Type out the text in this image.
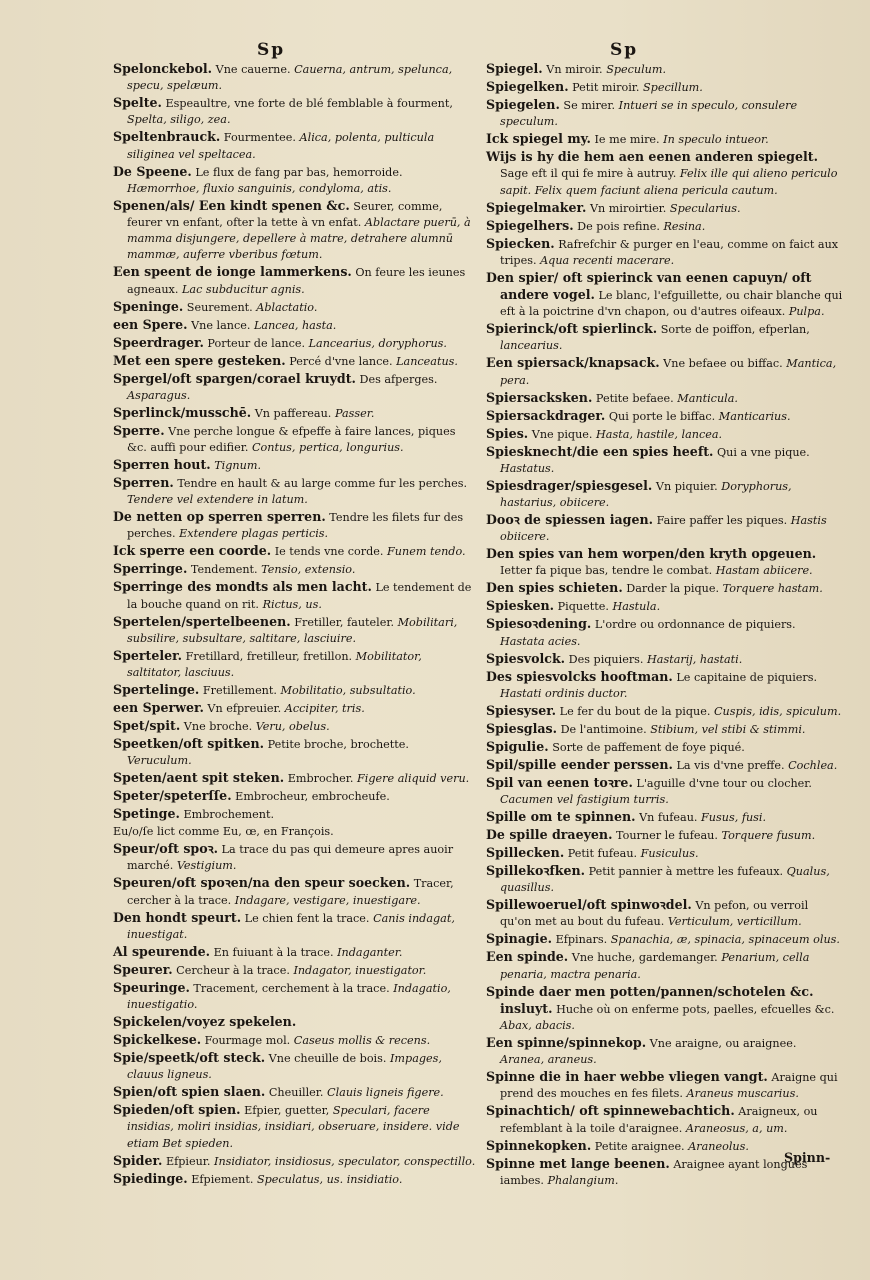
Sp	Sp

Spelonckebol. Vne cauerne. Cauerna, antrum, spelunca, specu, spelæum.

Spelte. Espeaultre, vne forte de blé femblable à fourment, Spelta, siligo, zea.

Speltenbrauck. Fourmentee. Alica, polenta, pulticula siliginea vel speltacea.

De Speene. Le flux de fang par bas, hemorroide. Hæmorrhoe, fluxio sanguinis, condyloma, atis.

Spenen/als/ Een kindt spenen &c. Seurer, comme, feurer vn enfant, ofter la tette à vn enfat. Ablactare puerū, à mamma disjungere, depellere à matre, detrahere alumnū mammæ, auferre vberibus fœtum.

Een speent de ionge lammerkens. On feure les ieunes agneaux. Lac subducitur agnis.

Speninge. Seurement. Ablactatio.

een Spere. Vne lance. Lancea, hasta.

Speerdrager. Porteur de lance. Lancearius, doryphorus.

Met een spere gesteken. Percé d'vne lance. Lanceatus.

Spergel/oft spargen/corael kruydt. Des afperges. Asparagus.

Sperlinck/musschē. Vn paffereau. Passer.

Sperre. Vne perche longue & efpeffe à faire lances, piques &c. auffi pour edifier. Contus, pertica, longurius.

Sperren hout. Tignum.

Sperren. Tendre en hault & au large comme fur les perches. Tendere vel extendere in latum.

De netten op sperren sperren. Tendre les filets fur des perches. Extendere plagas perticis.

Ick sperre een coorde. Ie tends vne corde. Funem tendo.

Sperringe. Tendement. Tensio, extensio.

Sperringe des mondts als men lacht. Le tendement de la bouche quand on rit. Rictus, us.

Spertelen/spertelbeenen. Fretiller, fauteler. Mobilitari, subsilire, subsultare, saltitare, lasciuire.

Sperteler. Fretillard, fretilleur, fretillon. Mobilitator, saltitator, lasciuus.

Spertelinge. Fretillement. Mobilitatio, subsultatio.

een Sperwer. Vn efpreuier. Accipiter, tris.

Spet/spit. Vne broche. Veru, obelus.

Speetken/oft spitken. Petite broche, brochette. Veruculum.

Speten/aent spit steken. Embrocher. Figere aliquid veru.

Speter/speterſſe. Embrocheur, embrocheufe.

Spetinge. Embrochement.

Eu/o/ſe lict comme Eu, œ, en François.

Speur/oft spoꝛ. La trace du pas qui demeure apres auoir marché. Vestigium.

Speuren/oft spoꝛen/na den speur soecken. Tracer, cercher à la trace. Indagare, vestigare, inuestigare.

Den hondt speurt. Le chien fent la trace. Canis indagat, inuestigat.

Al speurende. En fuiuant à la trace. Indaganter.

Speurer. Cercheur à la trace. Indagator, inuestigator.

Speuringe. Tracement, cerchement à la trace. Indagatio, inuestigatio.

Spickelen/voyez spekelen.

Spickelkese. Fourmage mol. Caseus mollis & recens.

Spie/speetk/oft steck. Vne cheuille de bois. Impages, clauus ligneus.

Spien/oft spien slaen. Cheuiller. Clauis ligneis figere.

Spieden/oft spien. Efpier, guetter, Speculari, facere insidias, moliri insidias, insidiari, obseruare, insidere. vide etiam Bet spieden.

Spider. Efpieur. Insidiator, insidiosus, speculator, conspectillo.

Spiedinge. Efpiement. Speculatus, us. insidiatio.

Spiegel. Vn miroir. Speculum.

Spiegelken. Petit miroir. Specillum.

Spiegelen. Se mirer. Intueri se in speculo, consulere speculum.

Ick spiegel my. Ie me mire. In speculo intueor.

Wijs is hy die hem aen eenen anderen spiegelt. Sage eft il qui fe mire à autruy. Felix ille qui alieno periculo sapit. Felix quem faciunt aliena pericula cautum.

Spiegelmaker. Vn miroirtier. Specularius.

Spiegelhers. De pois refine. Resina.

Spiecken. Rafrefchir & purger en l'eau, comme on faict aux tripes. Aqua recenti macerare.

Den spier/ oft spierinck van eenen capuyn/ oft andere vogel. Le blanc, l'efguillette, ou chair blanche qui eft à la poictrine d'vn chapon, ou d'autres oifeaux. Pulpa.

Spierinck/oft spierlinck. Sorte de poiffon, efperlan, lancearius.

Een spiersack/knapsack. Vne befaee ou biffac. Mantica, pera.

Spiersacksken. Petite befaee. Manticula.

Spiersackdrager. Qui porte le biffac. Manticarius.

Spies. Vne pique. Hasta, hastile, lancea.

Spiesknecht/die een spies heeft. Qui a vne pique. Hastatus.

Spiesdrager/spiesgesel. Vn piquier. Doryphorus, hastarius, obiicere.

Dooꝛ de spiessen iagen. Faire paffer les piques. Hastis obiicere.

Den spies van hem worpen/den kryth opgeuen. Ietter fa pique bas, tendre le combat. Hastam abiicere.

Den spies schieten. Darder la pique. Torquere hastam.

Spiesken. Piquette. Hastula.

Spiesoꝛdening. L'ordre ou ordonnance de piquiers. Hastata acies.

Spiesvolck. Des piquiers. Hastarij, hastati.

Des spiesvolcks hooftman. Le capitaine de piquiers. Hastati ordinis ductor.

Spiesyser. Le fer du bout de la pique. Cuspis, idis, spiculum.

Spiesglas. De l'antimoine. Stibium, vel stibi & stimmi.

Spigulie. Sorte de paffement de foye piqué.

Spil/spille eender perssen. La vis d'vne preffe. Cochlea.

Spil van eenen toꝛre. L'aguille d'vne tour ou clocher. Cacumen vel fastigium turris.

Spille om te spinnen. Vn fufeau. Fusus, fusi.

De spille draeyen. Tourner le fufeau. Torquere fusum.

Spillecken. Petit fufeau. Fusiculus.

Spillekoꝛfken. Petit pannier à mettre les fufeaux. Qualus, quasillus.

Spillewoeruel/oft spinwoꝛdel. Vn pefon, ou verroil qu'on met au bout du fufeau. Verticulum, verticillum.

Spinagie. Efpinars. Spanachia, æ, spinacia, spinaceum olus.

Een spinde. Vne huche, gardemanger. Penarium, cella penaria, mactra penaria.

Spinde daer men potten/pannen/schotelen &c. insluyt. Huche où on enferme pots, paelles, efcuelles &c. Abax, abacis.

Een spinne/spinnekop. Vne araigne, ou araignee. Aranea, araneus.

Spinne die in haer webbe vliegen vangt. Araigne qui prend des mouches en fes filets. Araneus muscarius.

Spinachtich/ oft spinnewebachtich. Araigneux, ou refemblant à la toile d'araignee. Araneosus, a, um.

Spinnekopken. Petite araignee. Araneolus.

Spinne met lange beenen. Araignee ayant longues iambes. Phalangium.

Spinn-
